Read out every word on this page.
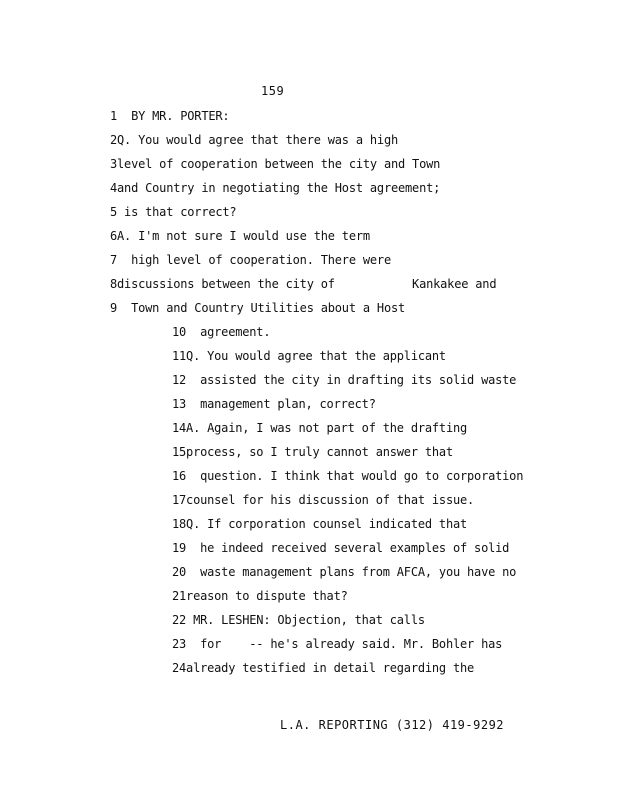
159
1  BY MR. PORTER:
2Q. You would agree that there was a high
3level of cooperation between the city and Town
4and Country in negotiating the Host agreement;
5 is that correct?
6A. I'm not sure I would use the term
7  high level of cooperation. There were
8discussions between the city of           Kankakee and
9  Town and Country Utilities about a Host
10  agreement.
11Q. You would agree that the applicant
12  assisted the city in drafting its solid waste
13  management plan, correct?
14A. Again, I was not part of the drafting
15process, so I truly cannot answer that
16  question. I think that would go to corporation
17counsel for his discussion of that issue.
18Q. If corporation counsel indicated that
19  he indeed received several examples of solid
20  waste management plans from AFCA, you have no
21reason to dispute that?
22 MR. LESHEN: Objection, that calls
23  for    -- he's already said. Mr. Bohler has
24already testified in detail regarding the
L.A. REPORTING (312) 419-9292
